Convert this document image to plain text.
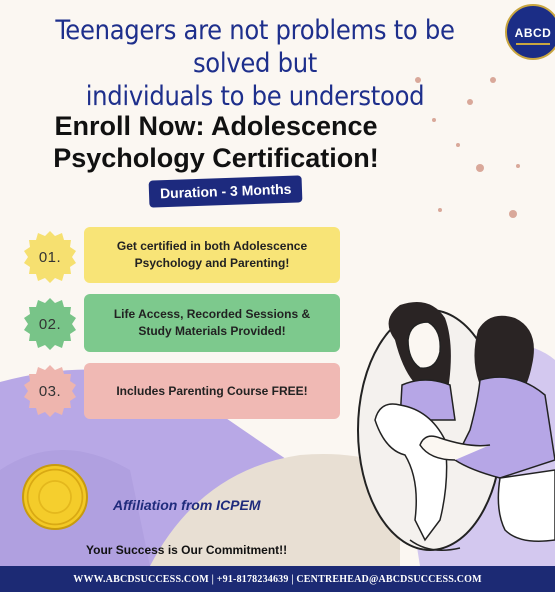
Teenagers are not problems to be solved but
individuals to be understood
ABCD
Enroll Now: Adolescence
Psychology Certification!
Duration - 3 Months
01.
Get certified in both Adolescence
Psychology and Parenting!
02.
Life Access, Recorded Sessions &
Study Materials Provided!
03.	Includes Parenting Course FREE!
Affiliation from ICPEM
Your Success is Our Commitment!!
WWW.ABCDSUCCESS.COM | +91-8178234639 | CENTREHEAD@ABCDSUCCESS.COM
